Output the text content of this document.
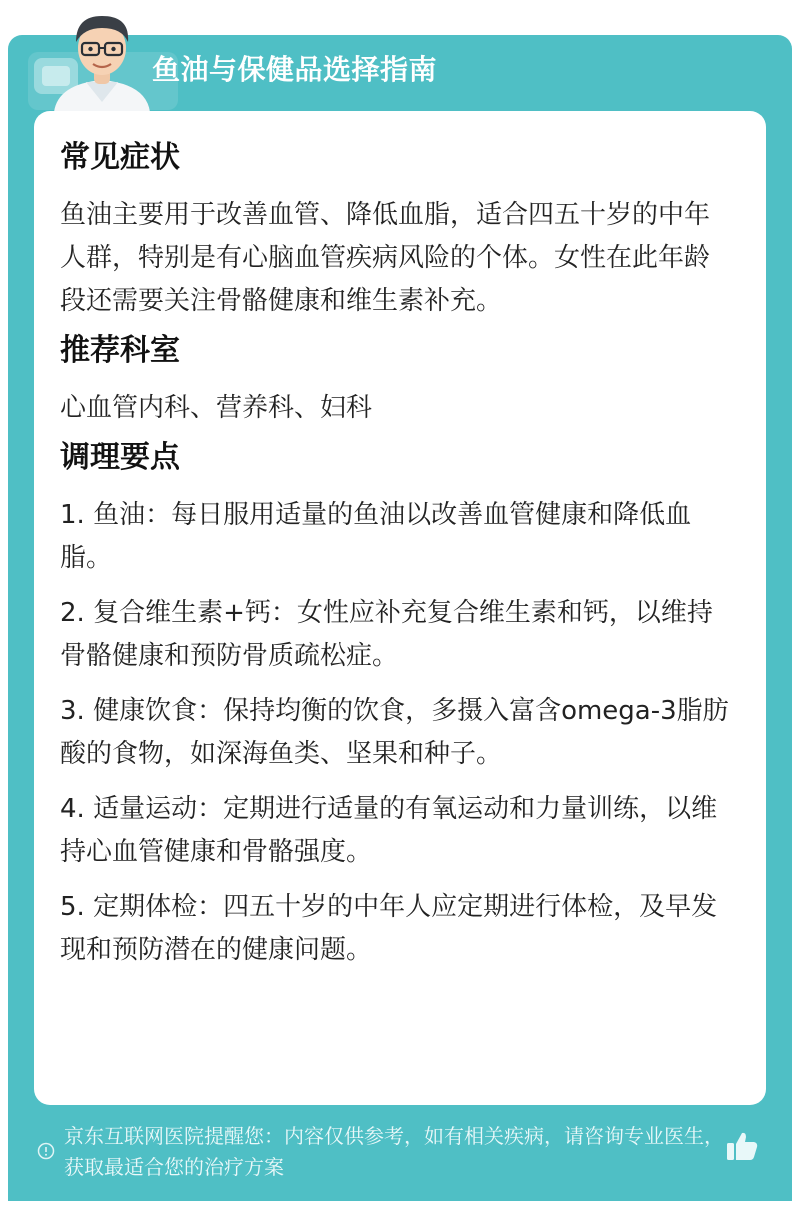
鱼油与保健品选择指南
常见症状
鱼油主要用于改善血管、降低血脂，适合四五十岁的中年人群，特别是有心脑血管疾病风险的个体。女性在此年龄段还需要关注骨骼健康和维生素补充。
推荐科室
心血管内科、营养科、妇科
调理要点
1. 鱼油：每日服用适量的鱼油以改善血管健康和降低血脂。
2. 复合维生素+钙：女性应补充复合维生素和钙，以维持骨骼健康和预防骨质疏松症。
3. 健康饮食：保持均衡的饮食，多摄入富含omega-3脂肪酸的食物，如深海鱼类、坚果和种子。
4. 适量运动：定期进行适量的有氧运动和力量训练，以维持心血管健康和骨骼强度。
5. 定期体检：四五十岁的中年人应定期进行体检，及早发现和预防潜在的健康问题。
京东互联网医院提醒您：内容仅供参考，如有相关疾病，请咨询专业医生，获取最适合您的治疗方案
